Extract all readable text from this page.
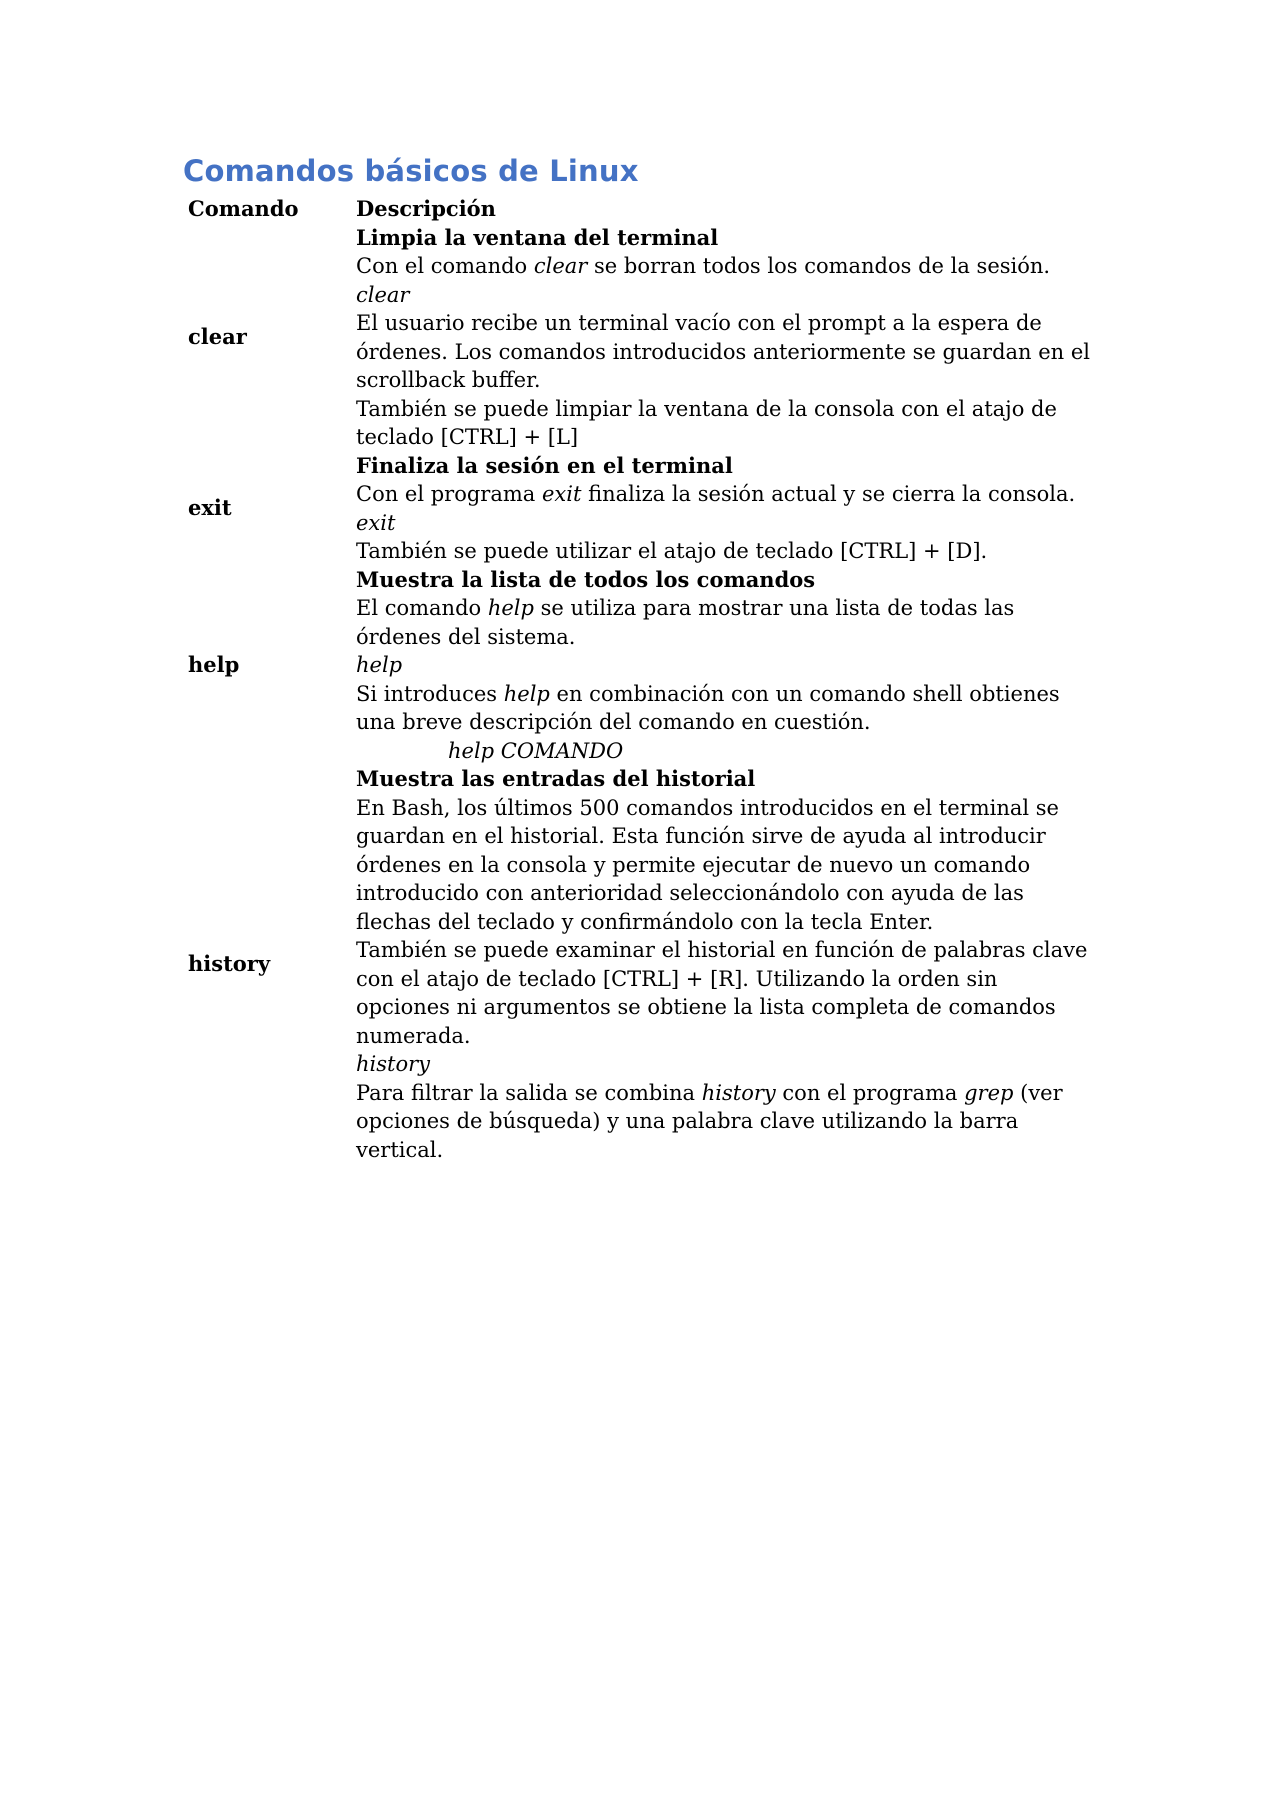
Comandos básicos de Linux
Comando	Descripción
clear	Limpia la ventana del terminal
Con el comando clear se borran todos los comandos de la sesión.
clear
El usuario recibe un terminal vacío con el prompt a la espera de órdenes. Los comandos introducidos anteriormente se guardan en el scrollback buffer.
También se puede limpiar la ventana de la consola con el atajo de teclado [CTRL] + [L]

exit	Finaliza la sesión en el terminal
Con el programa exit finaliza la sesión actual y se cierra la consola.
exit
También se puede utilizar el atajo de teclado [CTRL] + [D].

help	Muestra la lista de todos los comandos
El comando help se utiliza para mostrar una lista de todas las órdenes del sistema.
help
Si introduces help en combinación con un comando shell obtienes una breve descripción del comando en cuestión.
help COMANDO

history	Muestra las entradas del historial
En Bash, los últimos 500 comandos introducidos en el terminal se guardan en el historial. Esta función sirve de ayuda al introducir órdenes en la consola y permite ejecutar de nuevo un comando introducido con anterioridad seleccionándolo con ayuda de las flechas del teclado y confirmándolo con la tecla Enter.
También se puede examinar el historial en función de palabras clave con el atajo de teclado [CTRL] + [R]. Utilizando la orden sin opciones ni argumentos se obtiene la lista completa de comandos numerada.
history
Para filtrar la salida se combina history con el programa grep (ver opciones de búsqueda) y una palabra clave utilizando la barra vertical.
